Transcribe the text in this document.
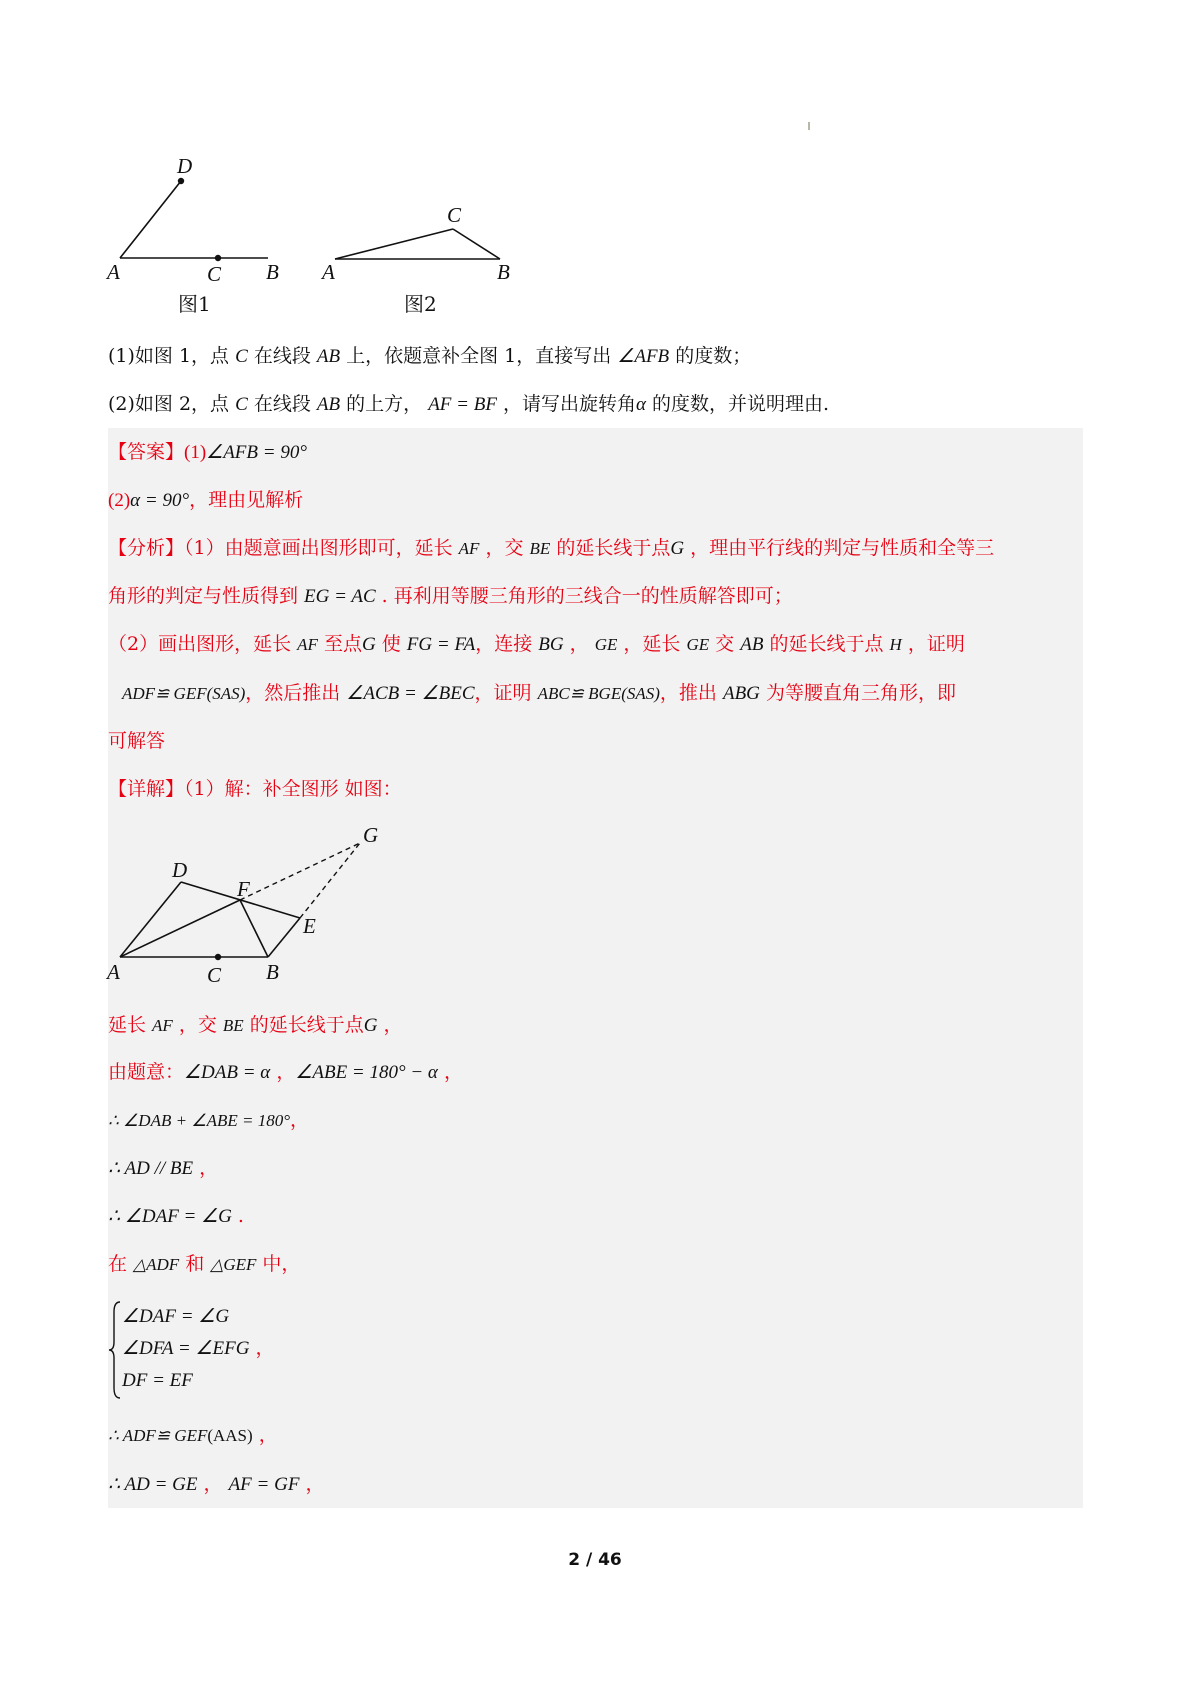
D
A	C B
图1
C
A	B
图2
(1)如图 1，点 C 在线段 AB 上，依题意补全图 1，直接写出 ∠AFB 的度数；
(2)如图 2，点 C 在线段 AB 的上方， AF = BF ，请写出旋转角α 的度数，并说明理由.
【答案】(1)∠AFB = 90°
(2)α = 90°，理由见解析
【分析】（1）由题意画出图形即可，延长 AF ，交 BE 的延长线于点G ，理由平行线的判定与性质和全等三
角形的判定与性质得到 EG = AC . 再利用等腰三角形的三线合一的性质解答即可；
（2）画出图形，延长 AF 至点G 使 FG = FA，连接 BG ， GE ，延长 GE 交 AB 的延长线于点 H ，证明
ADF≌ GEF(SAS)，然后推出 ∠ACB = ∠BEC，证明 ABC≌ BGE(SAS)，推出 ABG 为等腰直角三角形，即
可解答
【详解】（1）解：补全图形 如图：
G
D
F
E
A	C B
延长 AF ，交 BE 的延长线于点G ，
由题意：∠DAB = α ，∠ABE = 180° − α ，
∴ ∠DAB + ∠ABE = 180°，
∴ AD // BE ，
∴ ∠DAF = ∠G .
在 △ADF 和 △GEF 中，
∠DAF = ∠G
∠DFA = ∠EFG ，
DF = EF
∴ ADF≌ GEF(AAS) ，
∴ AD = GE ， AF = GF ，
2 / 46
